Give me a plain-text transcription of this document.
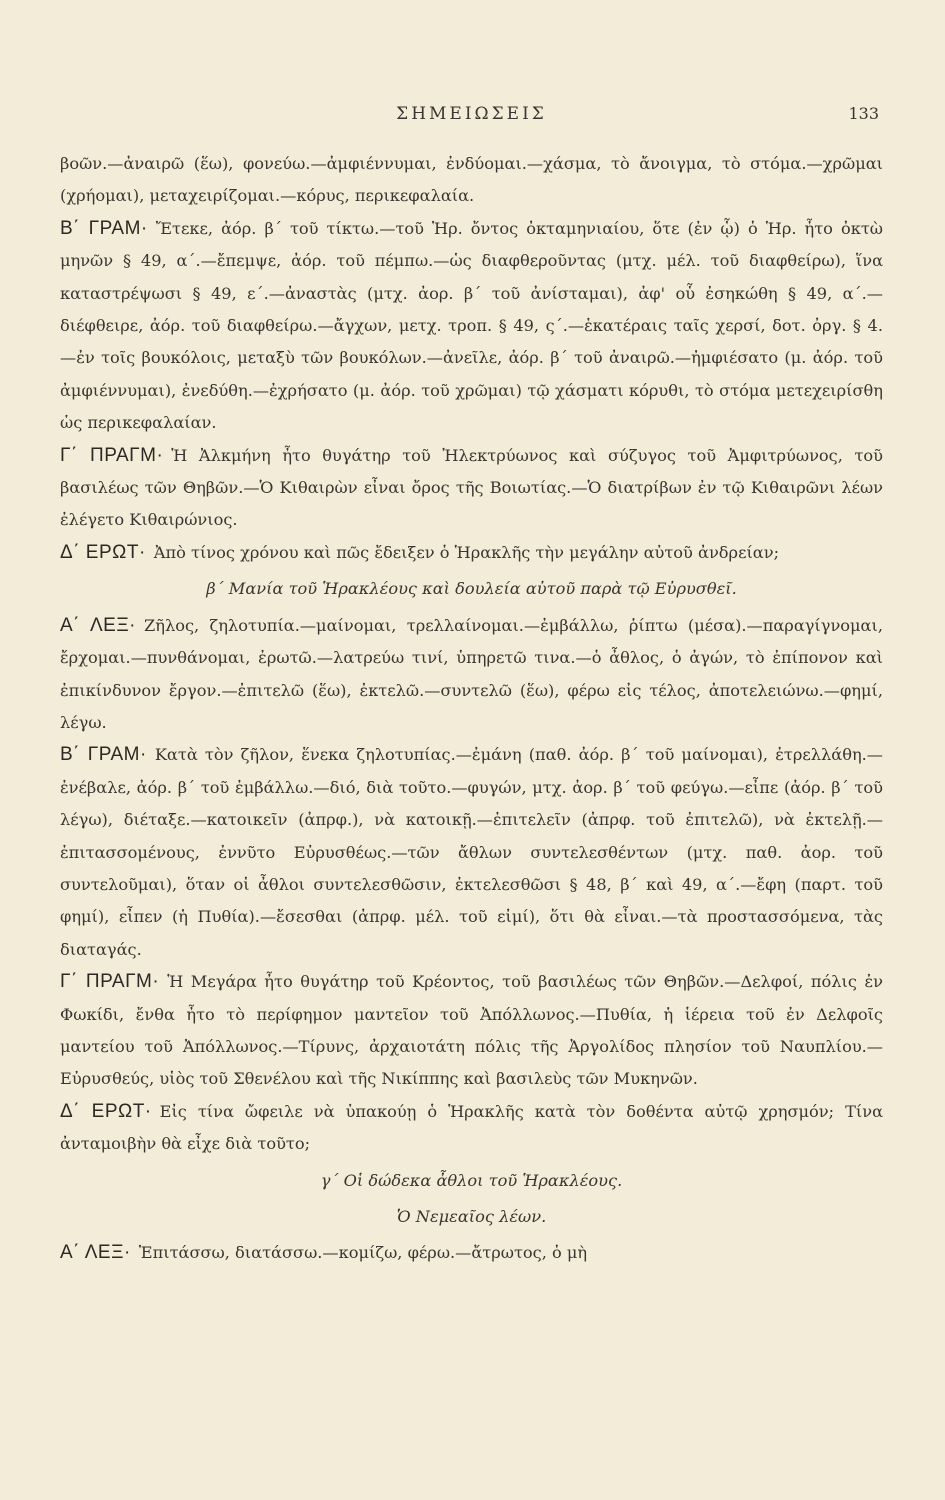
ΣΗΜΕΙΩΣΕΙΣ	133

βοῶν.—ἀναιρῶ (ἕω), φονεύω.—ἀμφιέννυμαι, ἐνδύομαι.—χάσμα, τὸ ἄνοιγμα, τὸ στόμα.—χρῶμαι (χρήομαι), μεταχειρίζομαι.—κόρυς, περικεφαλαία.

Β΄ ΓΡΑΜ· Ἔτεκε, ἀόρ. β΄ τοῦ τίκτω.—τοῦ Ἡρ. ὄντος ὀκταμηνιαίου, ὅτε (ἐν ᾧ) ὁ Ἡρ. ἦτο ὀκτὼ μηνῶν § 49, α΄.—ἔπεμψε, ἀόρ. τοῦ πέμπω.—ὡς διαφθεροῦντας (μτχ. μέλ. τοῦ διαφθείρω), ἵνα καταστρέψωσι § 49, ε΄.—ἀναστὰς (μτχ. ἀορ. β΄ τοῦ ἀνίσταμαι), ἀφ' οὗ ἐσηκώθη § 49, α΄.—διέφθειρε, ἀόρ. τοῦ διαφθείρω.—ἄγχων, μετχ. τροπ. § 49, ς΄.—ἑκατέραις ταῖς χερσί, δοτ. ὀργ. § 4. —ἐν τοῖς βουκόλοις, μεταξὺ τῶν βουκόλων.—ἀνεῖλε, ἀόρ. β΄ τοῦ ἀναιρῶ.—ἠμφιέσατο (μ. ἀόρ. τοῦ ἀμφιέννυμαι), ἐνεδύθη.—ἐχρήσατο (μ. ἀόρ. τοῦ χρῶμαι) τῷ χάσματι κόρυθι, τὸ στόμα μετεχειρίσθη ὡς περικεφαλαίαν.

Γ΄ ΠΡΑΓΜ· Ἡ Ἀλκμήνη ἦτο θυγάτηρ τοῦ Ἠλεκτρύωνος καὶ σύζυγος τοῦ Ἀμφιτρύωνος, τοῦ βασιλέως τῶν Θηβῶν.—Ὁ Κιθαιρὼν εἶναι ὄρος τῆς Βοιωτίας.—Ὁ διατρίβων ἐν τῷ Κιθαιρῶνι λέων ἐλέγετο Κιθαιρώνιος.

Δ΄ ΕΡΩΤ· Ἀπὸ τίνος χρόνου καὶ πῶς ἔδειξεν ὁ Ἡρακλῆς τὴν μεγάλην αὐτοῦ ἀνδρείαν;

β΄ Μανία τοῦ Ἡρακλέους καὶ δουλεία αὐτοῦ παρὰ τῷ Εὐρυσθεῖ.

Α΄ ΛΕΞ· Ζῆλος, ζηλοτυπία.—μαίνομαι, τρελλαίνομαι.—ἐμβάλλω, ῥίπτω (μέσα).—παραγίγνομαι, ἔρχομαι.—πυνθάνομαι, ἐρωτῶ.—λατρεύω τινί, ὑπηρετῶ τινα.—ὁ ἆθλος, ὁ ἀγών, τὸ ἐπίπονον καὶ ἐπικίνδυνον ἔργον.—ἐπιτελῶ (ἕω), ἐκτελῶ.—συντελῶ (ἕω), φέρω εἰς τέλος, ἀποτελειώνω.—φημί, λέγω.

Β΄ ΓΡΑΜ· Κατὰ τὸν ζῆλον, ἕνεκα ζηλοτυπίας.—ἐμάνη (παθ. ἀόρ. β΄ τοῦ μαίνομαι), ἐτρελλάθη.—ἐνέβαλε, ἀόρ. β΄ τοῦ ἐμβάλλω.—διό, διὰ τοῦτο.—φυγών, μτχ. ἀορ. β΄ τοῦ φεύγω.—εἶπε (ἀόρ. β΄ τοῦ λέγω), διέταξε.—κατοικεῖν (ἀπρφ.), νὰ κατοικῇ.—ἐπιτελεῖν (ἀπρφ. τοῦ ἐπιτελῶ), νὰ ἐκτελῇ.—ἐπιτασσομένους, ἐννῦτο Εὐρυσθέως.—τῶν ἄθλων συντελεσθέντων (μτχ. παθ. ἀορ. τοῦ συντελοῦμαι), ὅταν οἱ ἆθλοι συντελεσθῶσιν, ἐκτελεσθῶσι § 48, β΄ καὶ 49, α΄.—ἔφη (παρτ. τοῦ φημί), εἶπεν (ἡ Πυθία).—ἔσεσθαι (ἀπρφ. μέλ. τοῦ εἰμί), ὅτι θὰ εἶναι.—τὰ προστασσόμενα, τὰς διαταγάς.

Γ΄ ΠΡΑΓΜ· Ἡ Μεγάρα ἦτο θυγάτηρ τοῦ Κρέοντος, τοῦ βασιλέως τῶν Θηβῶν.—Δελφοί, πόλις ἐν Φωκίδι, ἔνθα ἦτο τὸ περίφημον μαντεῖον τοῦ Ἀπόλλωνος.—Πυθία, ἡ ἱέρεια τοῦ ἐν Δελφοῖς μαντείου τοῦ Ἀπόλλωνος.—Τίρυνς, ἀρχαιοτάτη πόλις τῆς Ἀργολίδος πλησίον τοῦ Ναυπλίου.—Εὐρυσθεύς, υἱὸς τοῦ Σθενέλου καὶ τῆς Νικίππης καὶ βασιλεὺς τῶν Μυκηνῶν.

Δ΄ ΕΡΩΤ· Εἰς τίνα ὤφειλε νὰ ὑπακούῃ ὁ Ἡρακλῆς κατὰ τὸν δοθέντα αὐτῷ χρησμόν; Τίνα ἀνταμοιβὴν θὰ εἶχε διὰ τοῦτο;

γ΄ Οἱ δώδεκα ἆθλοι τοῦ Ἡρακλέους.

Ὁ Νεμεαῖος λέων.

Α΄ ΛΕΞ· Ἐπιτάσσω, διατάσσω.—κομίζω, φέρω.—ἄτρωτος, ὁ μὴ
